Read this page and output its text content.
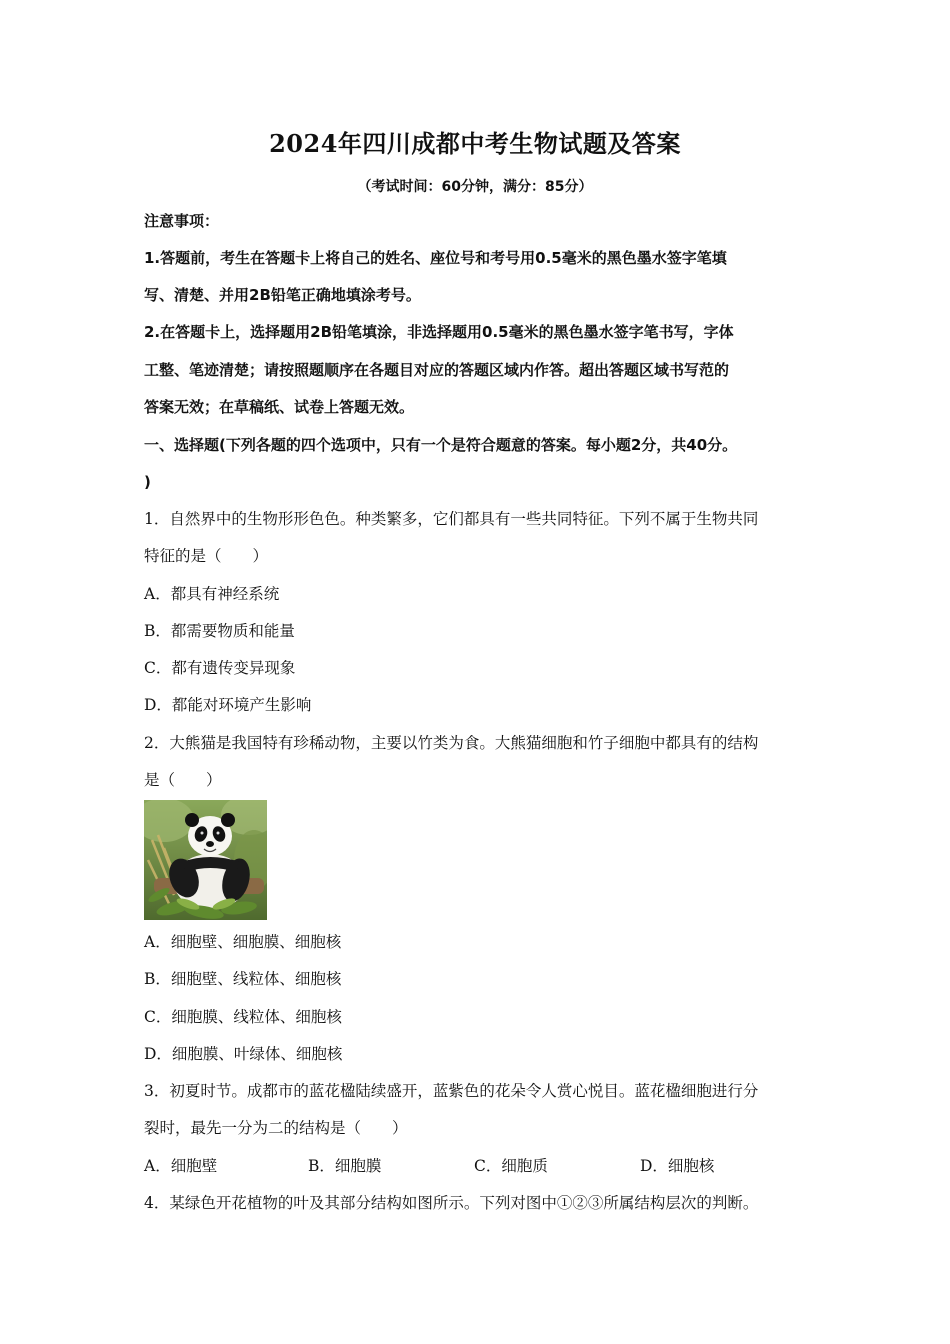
2024年四川成都中考生物试题及答案
（考试时间：60分钟，满分：85分）
注意事项：
1.答题前，考生在答题卡上将自己的姓名、座位号和考号用0.5毫米的黑色墨水签字笔填
写、清楚、并用2B铅笔正确地填涂考号。
2.在答题卡上，选择题用2B铅笔填涂，非选择题用0.5毫米的黑色墨水签字笔书写，字体
工整、笔迹清楚；请按照题顺序在各题目对应的答题区域内作答。超出答题区域书写范的
答案无效；在草稿纸、试卷上答题无效。
一、选择题(下列各题的四个选项中，只有一个是符合题意的答案。每小题2分，共40分。
)
1．自然界中的生物形形色色。种类繁多，它们都具有一些共同特征。下列不属于生物共同
特征的是（　　）
A．都具有神经系统
B．都需要物质和能量
C．都有遗传变异现象
D．都能对环境产生影响
2．大熊猫是我国特有珍稀动物，主要以竹类为食。大熊猫细胞和竹子细胞中都具有的结构
是（　　）
A．细胞壁、细胞膜、细胞核
B．细胞壁、线粒体、细胞核
C．细胞膜、线粒体、细胞核
D．细胞膜、叶绿体、细胞核
3．初夏时节。成都市的蓝花楹陆续盛开，蓝紫色的花朵令人赏心悦目。蓝花楹细胞进行分
裂时，最先一分为二的结构是（　　）
A．细胞壁	B．细胞膜	C．细胞质	D．细胞核
4．某绿色开花植物的叶及其部分结构如图所示。下列对图中①②③所属结构层次的判断。
